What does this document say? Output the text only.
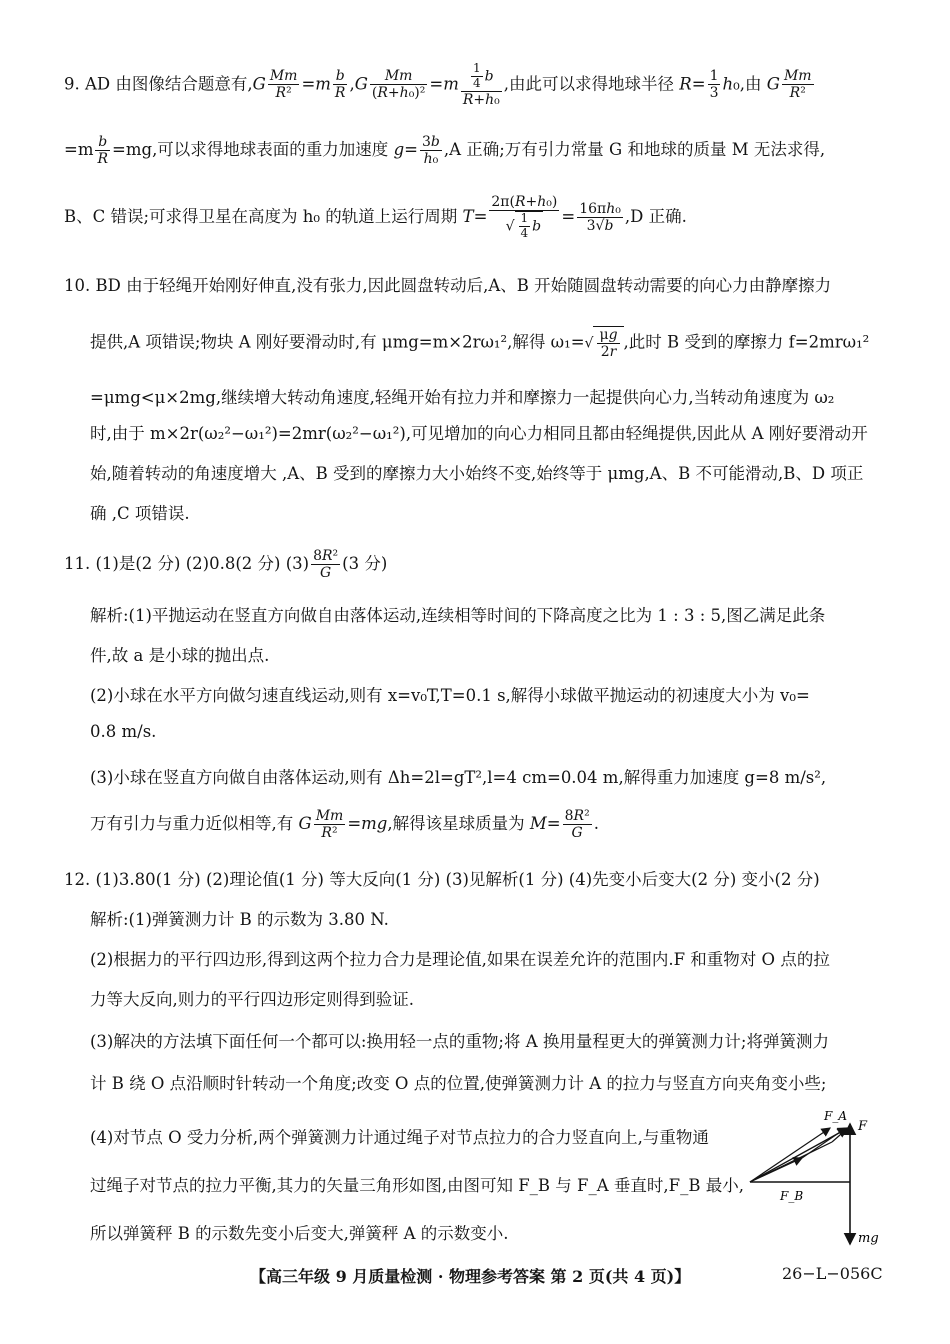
9. AD 由图像结合题意有$,G \frac{Mm}{\text{R²}} =m \frac{b}{R} ,G \frac{Mm}{\text{(R+h₀)²}} =m \frac{\frac{1}{4} b}{\text{R+h₀}}$ ,由此可以求得地球半径 $R= \frac{1}{3} h_0$,由 G $\frac{Mm}{\text{R²}}$
$=m \frac{b}{R} =mg$,可以求得地球表面的重力加速度 $g= \frac{3b}{\text{h₀}} ,A$ 正确;万有引力常量 G 和地球的质量 M 无法求得,
B、C 错误;可求得卫星在高度为 h₀ 的轨道上运行周期 $T= \frac{\text{2π(R+h₀)}}{√ \frac{1}{4} b} = \frac{\text{16πh₀}}{3√b} ,D$ 正确.
10. BD 由于轻绳开始刚好伸直,没有张力,因此圆盘转动后,A、B 开始随圆盘转动需要的向心力由静摩擦力
提供,A 项错误;物块 A 刚好要滑动时,有 μmg=m×2rω₁²,解得 $\omega_1=√ \frac{\mu g}{2r}$ ,此时 B 受到的摩擦力 f=2mrω₁²
=μmg<μ×2mg,继续增大转动角速度,轻绳开始有拉力并和摩擦力一起提供向心力,当转动角速度为 ω₂
时,由于 m×2r(ω₂²−ω₁²)=2mr(ω₂²−ω₁²),可见增加的向心力相同且都由轻绳提供,因此从 A 刚好要滑动开
始,随着转动的角速度增大 ,A、B 受到的摩擦力大小始终不变,始终等于 μmg,A、B 不可能滑动,B、D 项正
确 ,C 项错误.
11. (1)是(2 分) (2)0.8(2 分) $(3) \frac{\text{8R²}}{G} (3$ 分)
解析:(1)平抛运动在竖直方向做自由落体运动,连续相等时间的下降高度之比为 1 : 3 : 5,图乙满足此条
件,故 a 是小球的抛出点.
(2)小球在水平方向做匀速直线运动,则有 x=v₀T,T=0.1 s,解得小球做平抛运动的初速度大小为 v₀=
0.8 m/s.
(3)小球在竖直方向做自由落体运动,则有 Δh=2l=gT²,l=4 cm=0.04 m,解得重力加速度 g=8 m/s²,
万有引力与重力近似相等,有 G $\frac{Mm}{\text{R²}} =mg$,解得该星球质量为 $M= \frac{\text{8R²}}{G}$ .
12. (1)3.80(1 分) (2)理论值(1 分) 等大反向(1 分) (3)见解析(1 分) (4)先变小后变大(2 分) 变小(2 分)
解析:(1)弹簧测力计 B 的示数为 3.80 N.
(2)根据力的平行四边形,得到这两个拉力合力是理论值,如果在误差允许的范围内.F 和重物对 O 点的拉
力等大反向,则力的平行四边形定则得到验证.
(3)解决的方法填下面任何一个都可以:换用轻一点的重物;将 A 换用量程更大的弹簧测力计;将弹簧测力
计 B 绕 O 点沿顺时针转动一个角度;改变 O 点的位置,使弹簧测力计 A 的拉力与竖直方向夹角变小些;
(4)对节点 O 受力分析,两个弹簧测力计通过绳子对节点拉力的合力竖直向上,与重物通
过绳子对节点的拉力平衡,其力的矢量三角形如图,由图可知 F_B 与 F_A 垂直时,F_B 最小,
所以弹簧秤 B 的示数先变小后变大,弹簧秤 A 的示数变小.
F_A
F
F_B
mg
【高三年级 9 月质量检测 · 物理参考答案 第 2 页(共 4 页)】	26−L−056C
